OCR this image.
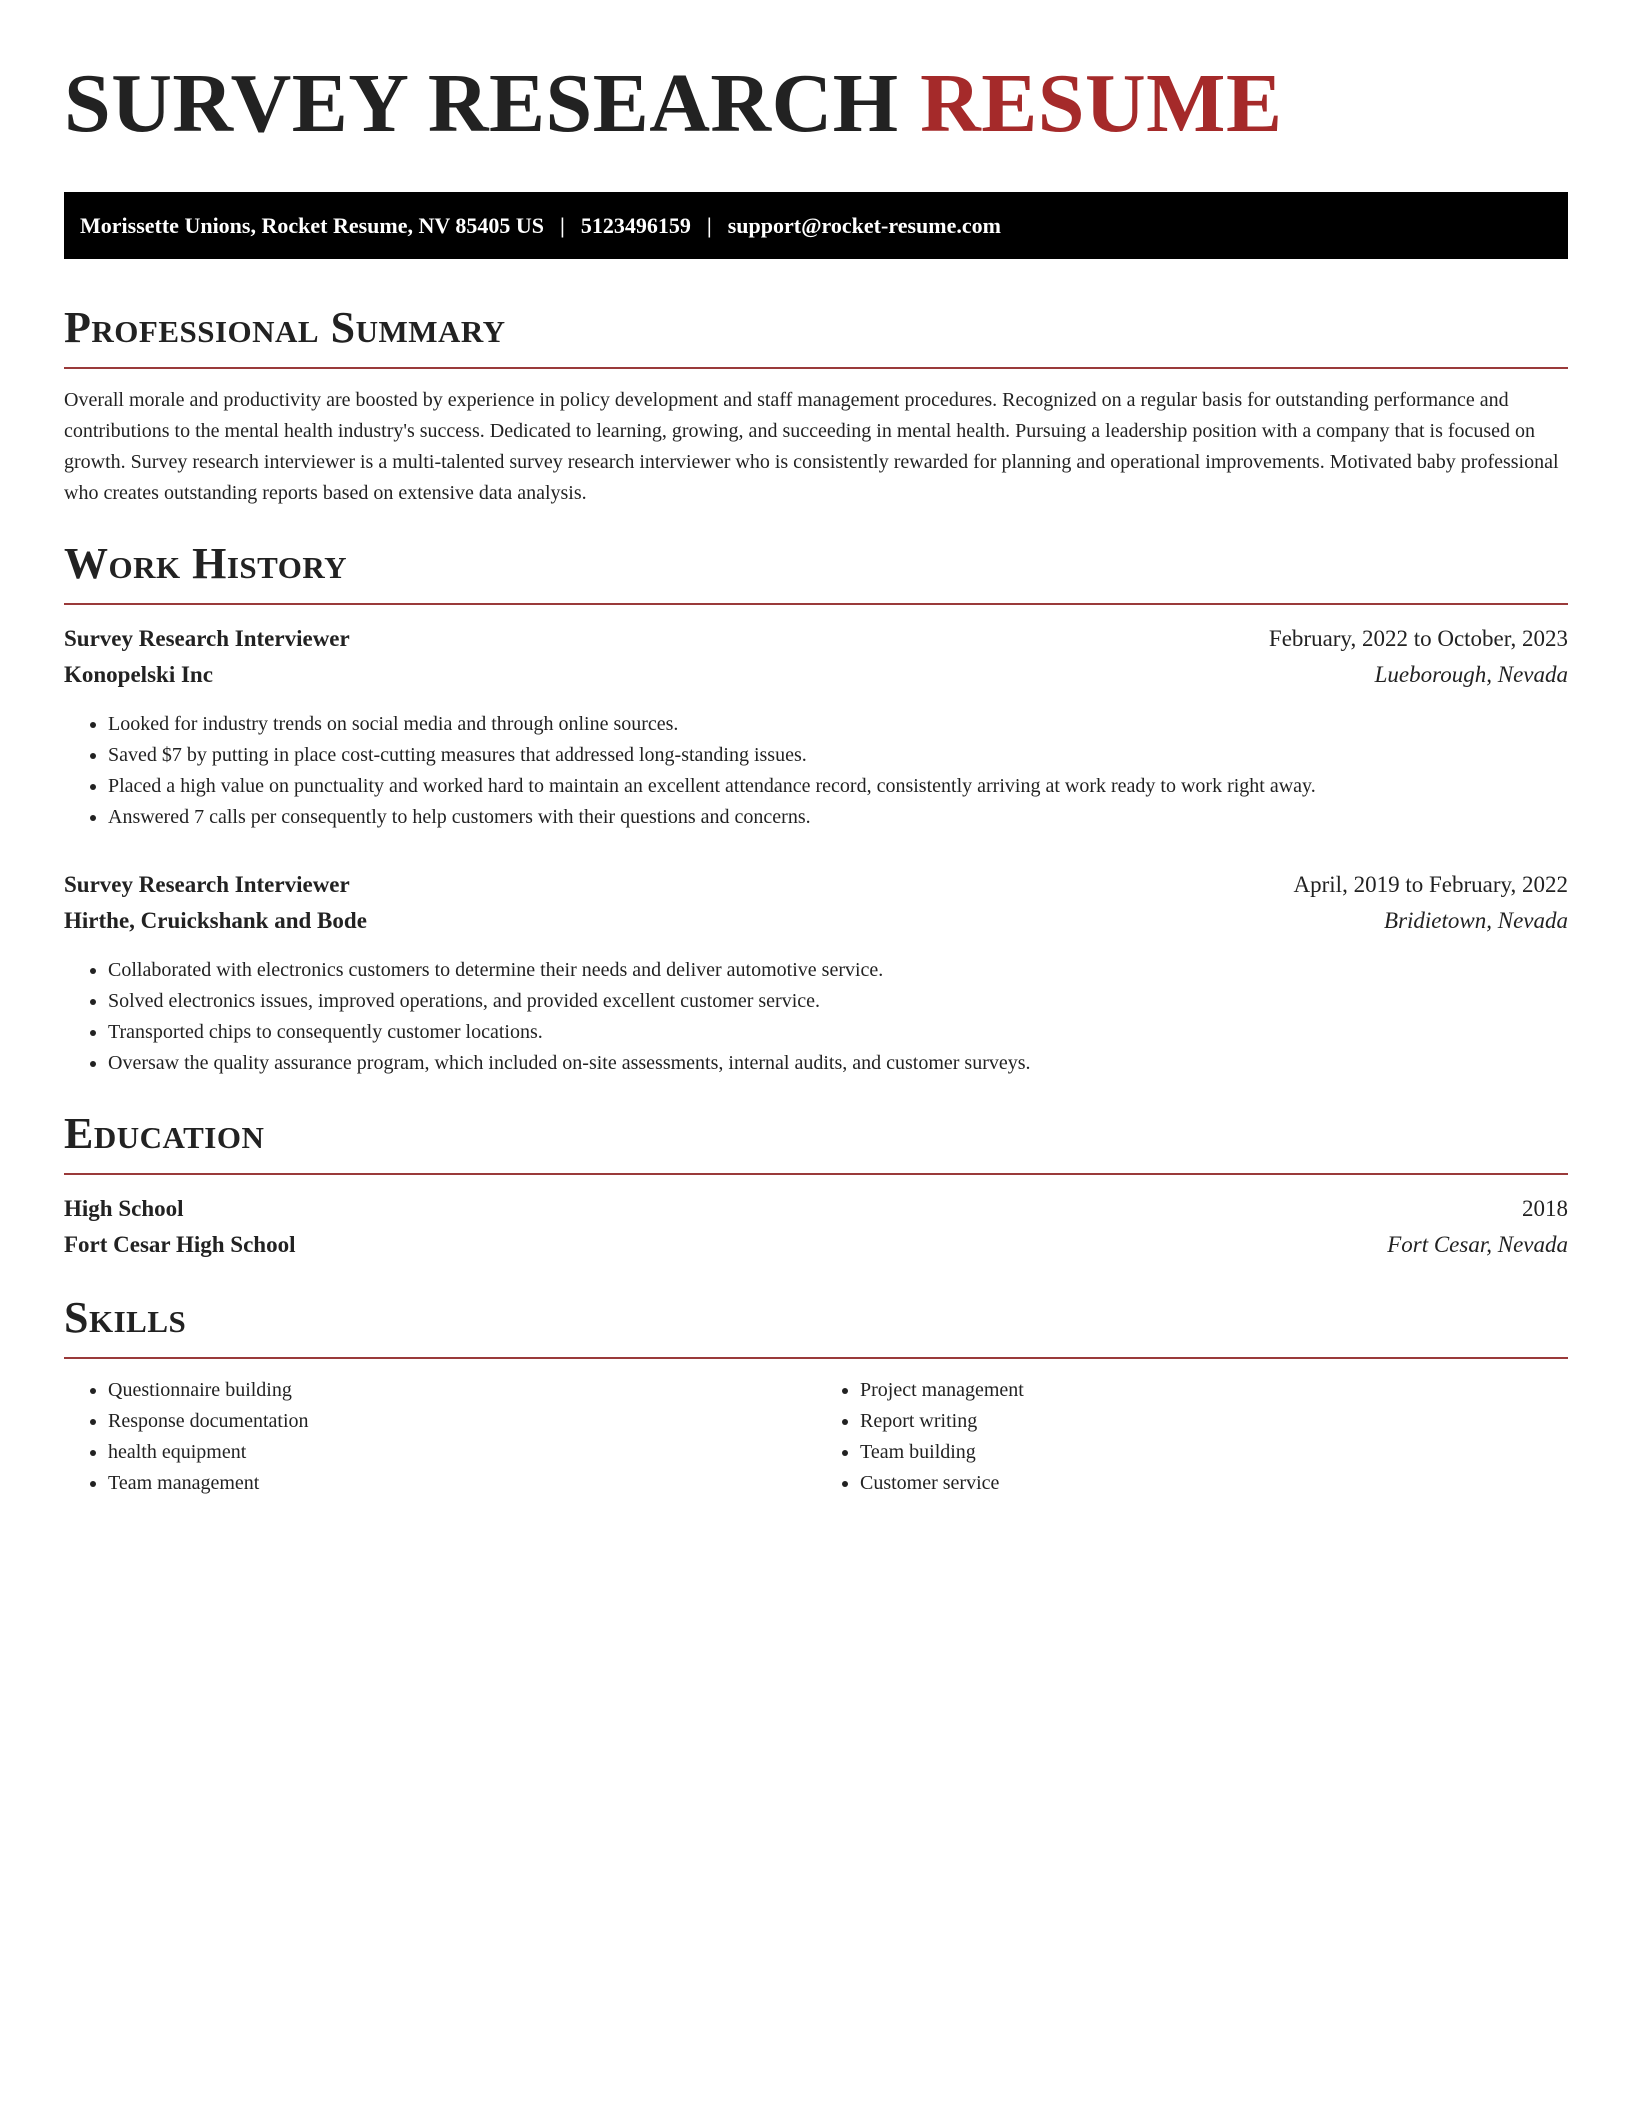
SURVEY RESEARCH RESUME
Morissette Unions, Rocket Resume, NV 85405 US | 5123496159 | support@rocket-resume.com
Professional Summary

Overall morale and productivity are boosted by experience in policy development and staff management procedures. Recognized on a regular basis for outstanding performance and contributions to the mental health industry's success. Dedicated to learning, growing, and succeeding in mental health. Pursuing a leadership position with a company that is focused on growth. Survey research interviewer is a multi-talented survey research interviewer who is consistently rewarded for planning and operational improvements. Motivated baby professional who creates outstanding reports based on extensive data analysis.

Work History
Survey Research Interviewer	February, 2022 to October, 2023
Konopelski Inc	Lueborough, Nevada
• Looked for industry trends on social media and through online sources.
• Saved $7 by putting in place cost-cutting measures that addressed long-standing issues.
• Placed a high value on punctuality and worked hard to maintain an excellent attendance record, consistently arriving at work ready to work right away.
• Answered 7 calls per consequently to help customers with their questions and concerns.
Survey Research Interviewer	April, 2019 to February, 2022
Hirthe, Cruickshank and Bode	Bridietown, Nevada
• Collaborated with electronics customers to determine their needs and deliver automotive service.
• Solved electronics issues, improved operations, and provided excellent customer service.
• Transported chips to consequently customer locations.
• Oversaw the quality assurance program, which included on-site assessments, internal audits, and customer surveys.
Education
High School	2018
Fort Cesar High School	Fort Cesar, Nevada
Skills
• Questionnaire building
• Response documentation
• health equipment
• Team management
• Project management
• Report writing
• Team building
• Customer service
